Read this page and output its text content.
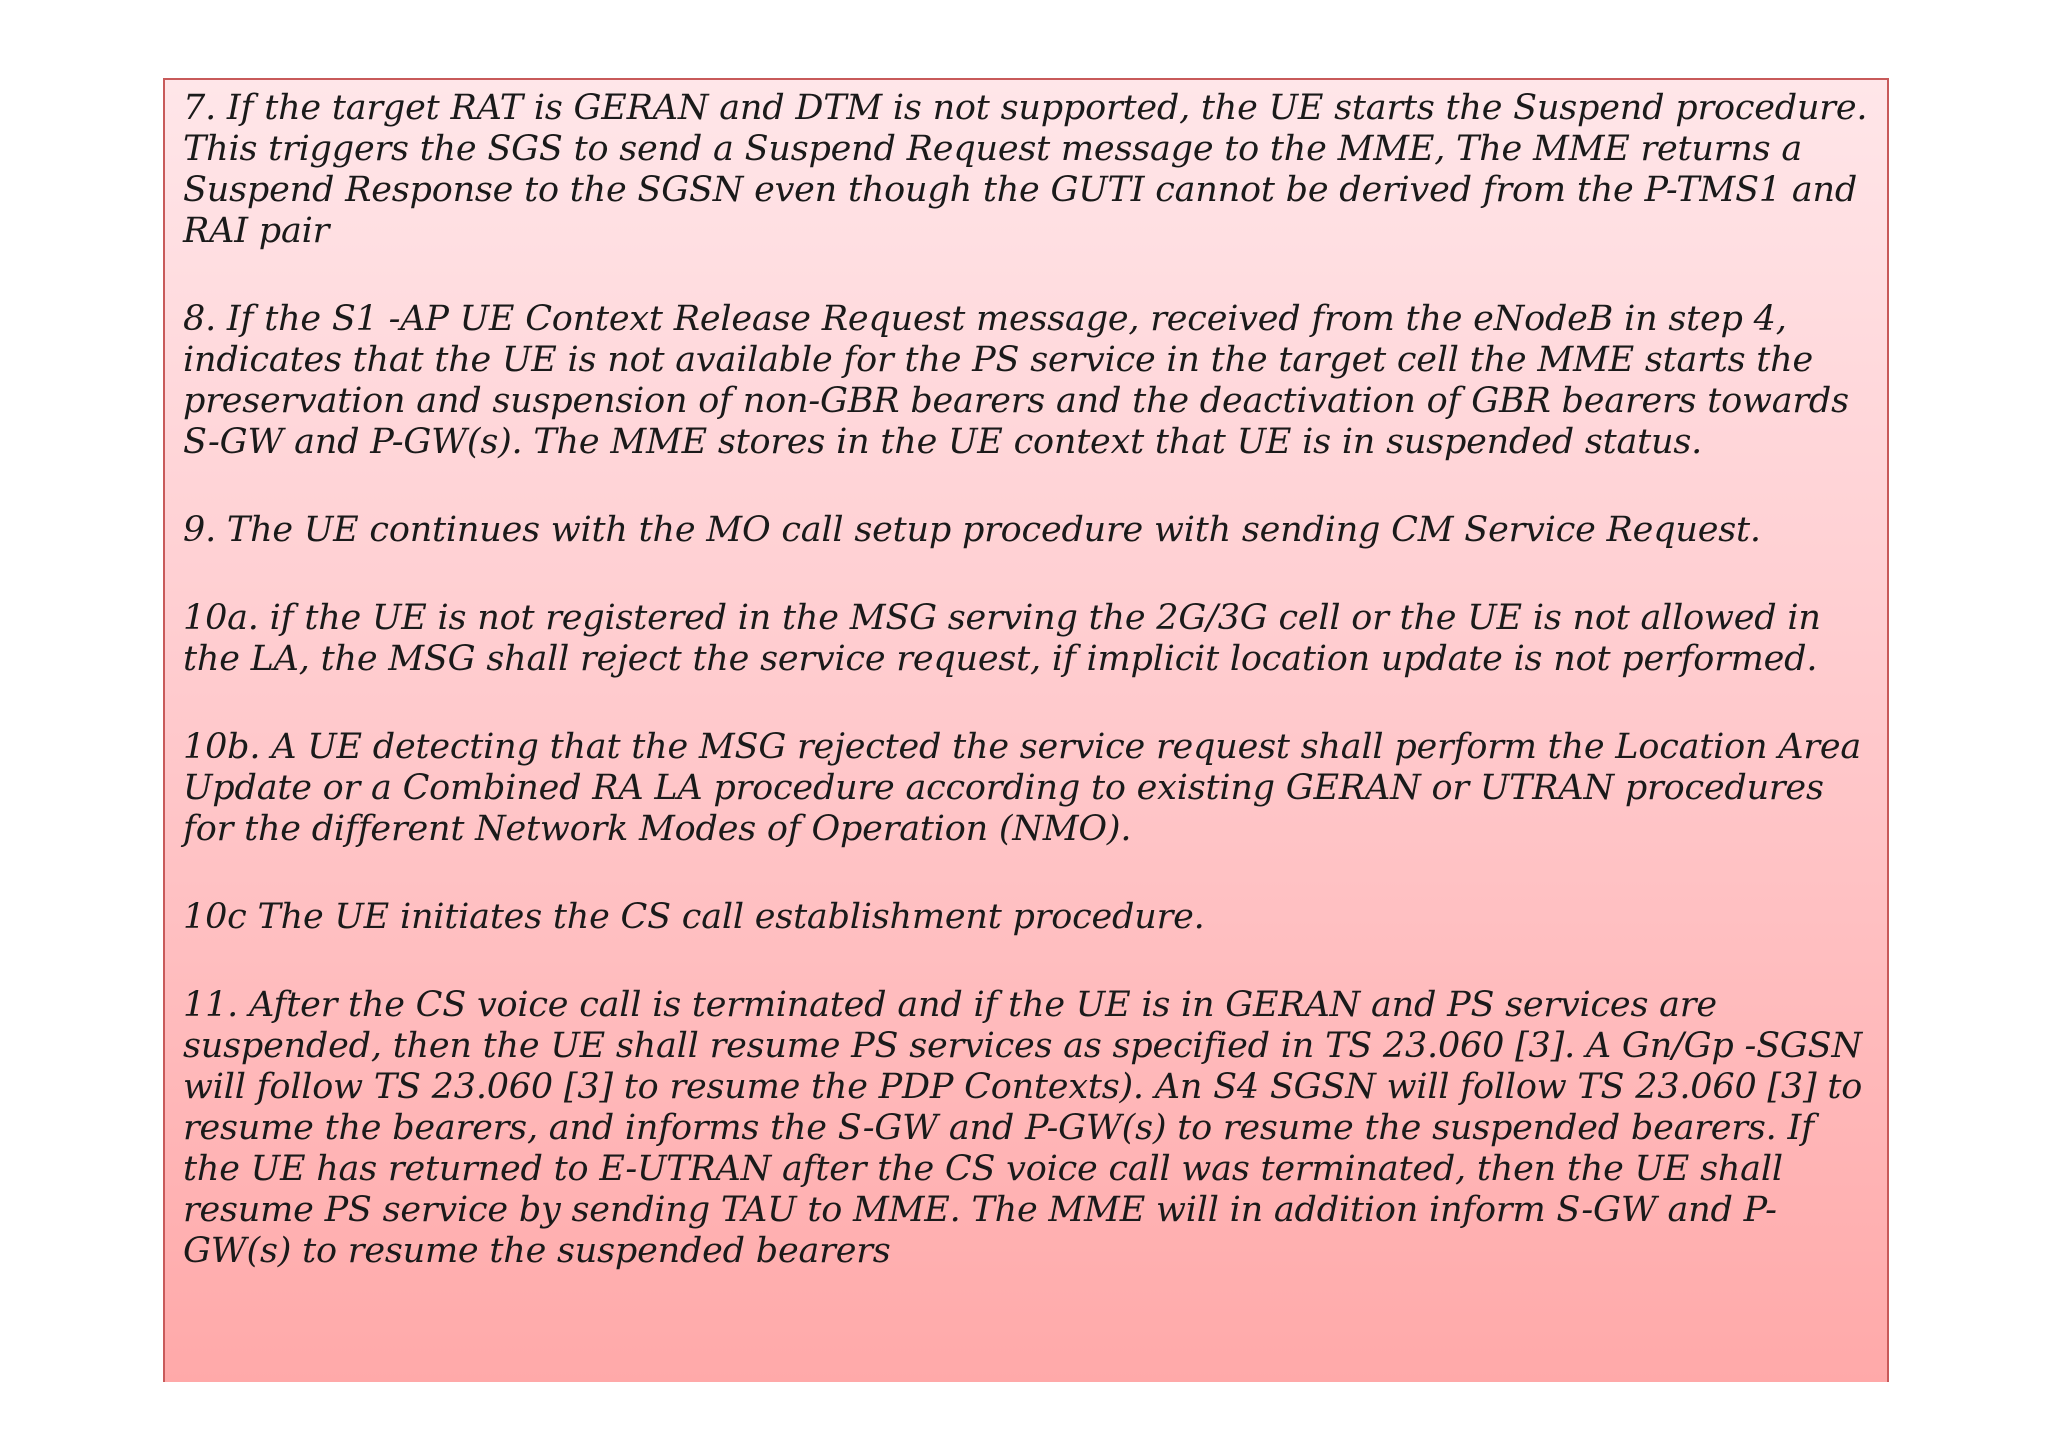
7. If the target RAT is GERAN and DTM is not supported, the UE starts the Suspend procedure. This triggers the SGS to send a Suspend Request message to the MME, The MME returns a Suspend Response to the SGSN even though the GUTI cannot be derived from the P-TMS1 and RAI pair

8. If the S1 -AP UE Context Release Request message, received from the eNodeB in step 4, indicates that the UE is not available for the PS service in the target cell the MME starts the preservation and suspension of non-GBR bearers and the deactivation of GBR bearers towards S-GW and P-GW(s). The MME stores in the UE context that UE is in suspended status.

9. The UE continues with the MO call setup procedure with sending CM Service Request.

10a. if the UE is not registered in the MSG serving the 2G/3G cell or the UE is not allowed in the LA, the MSG shall reject the service request, if implicit location update is not performed.

10b. A UE detecting that the MSG rejected the service request shall perform the Location Area Update or a Combined RA LA procedure according to existing GERAN or UTRAN procedures  for the different Network Modes of Operation (NMO).

10c The UE initiates the CS call establishment procedure.

11. After the CS voice call is terminated and if the UE is in GERAN and PS services are suspended, then the UE shall resume PS services as specified in TS 23.060 [3]. A Gn/Gp -SGSN will follow TS 23.060 [3] to resume the PDP Contexts). An S4 SGSN will follow TS 23.060 [3] to resume the bearers, and informs the S-GW and P-GW(s) to resume the suspended bearers. If the UE has returned to E-UTRAN after the CS voice call was terminated, then the UE shall resume PS service by sending TAU to MME. The MME will in addition inform S-GW and P-GW(s) to resume the suspended bearers
